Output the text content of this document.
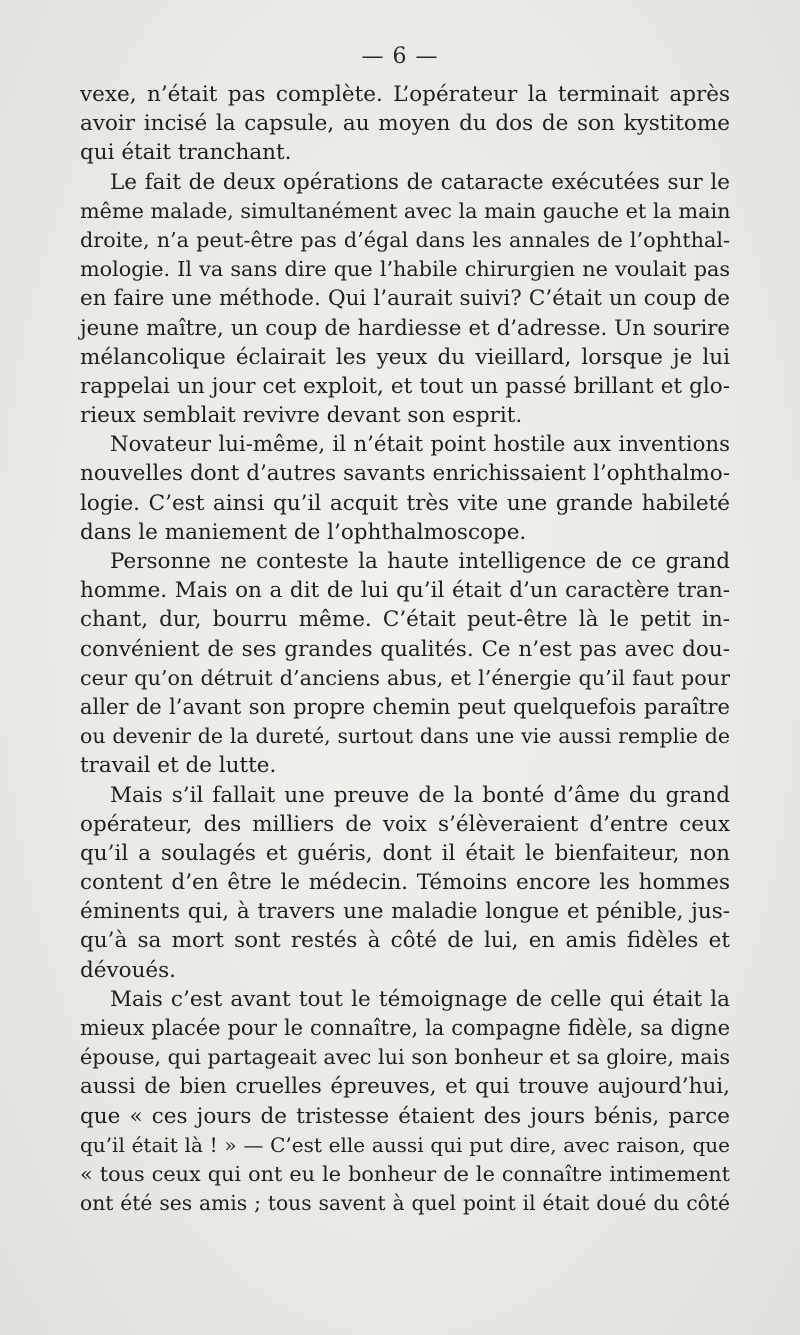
— 6 —
vexe, n’était pas complète. L’opérateur la terminait après
avoir incisé la capsule, au moyen du dos de son kystitome
qui était tranchant.
Le fait de deux opérations de cataracte exécutées sur le
même malade, simultanément avec la main gauche et la main
droite, n’a peut-être pas d’égal dans les annales de l’ophthal-
mologie. Il va sans dire que l’habile chirurgien ne voulait pas
en faire une méthode. Qui l’aurait suivi? C’était un coup de
jeune maître, un coup de hardiesse et d’adresse. Un sourire
mélancolique éclairait les yeux du vieillard, lorsque je lui
rappelai un jour cet exploit, et tout un passé brillant et glo-
rieux semblait revivre devant son esprit.
Novateur lui-même, il n’était point hostile aux inventions
nouvelles dont d’autres savants enrichissaient l’ophthalmo-
logie. C’est ainsi qu’il acquit très vite une grande habileté
dans le maniement de l’ophthalmoscope.
Personne ne conteste la haute intelligence de ce grand
homme. Mais on a dit de lui qu’il était d’un caractère tran-
chant, dur, bourru même. C’était peut-être là le petit in-
convénient de ses grandes qualités. Ce n’est pas avec dou-
ceur qu’on détruit d’anciens abus, et l’énergie qu’il faut pour
aller de l’avant son propre chemin peut quelquefois paraître
ou devenir de la dureté, surtout dans une vie aussi remplie de
travail et de lutte.
Mais s’il fallait une preuve de la bonté d’âme du grand
opérateur, des milliers de voix s’élèveraient d’entre ceux
qu’il a soulagés et guéris, dont il était le bienfaiteur, non
content d’en être le médecin. Témoins encore les hommes
éminents qui, à travers une maladie longue et pénible, jus-
qu’à sa mort sont restés à côté de lui, en amis fidèles et
dévoués.
Mais c’est avant tout le témoignage de celle qui était la
mieux placée pour le connaître, la compagne fidèle, sa digne
épouse, qui partageait avec lui son bonheur et sa gloire, mais
aussi de bien cruelles épreuves, et qui trouve aujourd’hui,
que « ces jours de tristesse étaient des jours bénis, parce
qu’il était là ! » — C’est elle aussi qui put dire, avec raison, que
« tous ceux qui ont eu le bonheur de le connaître intimement
ont été ses amis ; tous savent à quel point il était doué du côté
